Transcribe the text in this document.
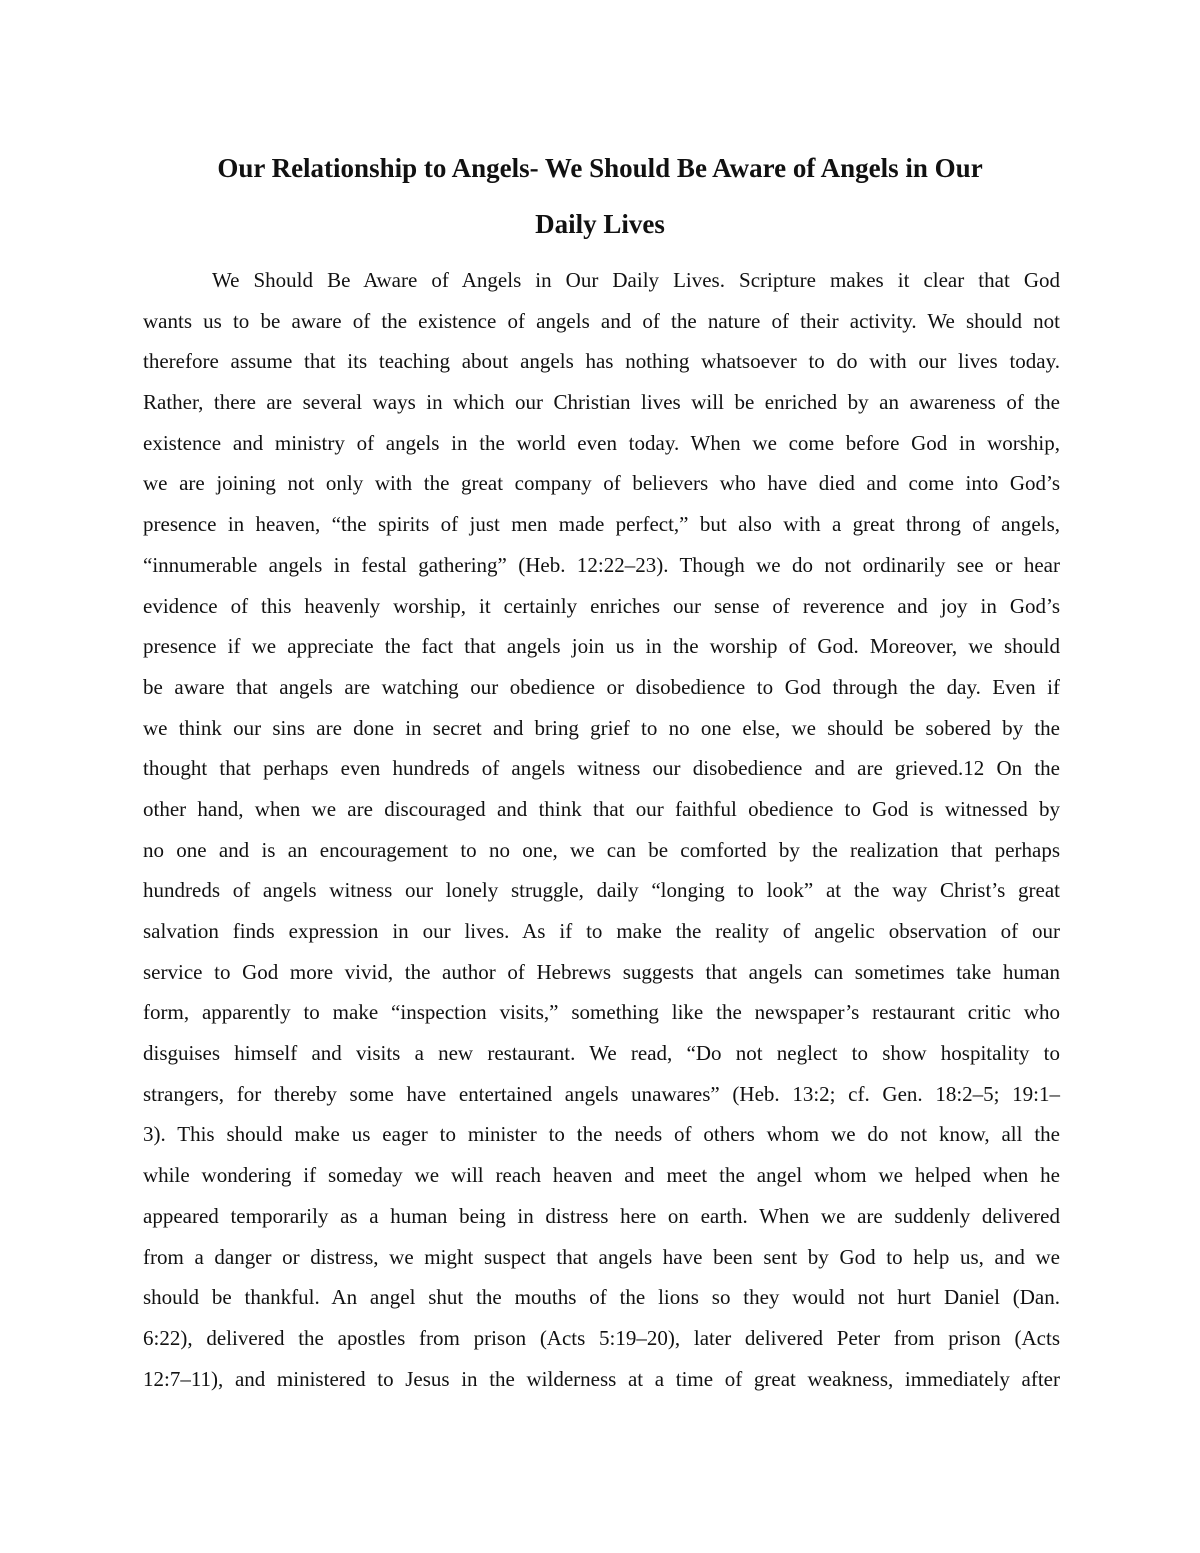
Our Relationship to Angels- We Should Be Aware of Angels in Our
Daily Lives
We Should Be Aware of Angels in Our Daily Lives. Scripture makes it clear that God
wants us to be aware of the existence of angels and of the nature of their activity. We should not
therefore assume that its teaching about angels has nothing whatsoever to do with our lives today.
Rather, there are several ways in which our Christian lives will be enriched by an awareness of the
existence and ministry of angels in the world even today. When we come before God in worship,
we are joining not only with the great company of believers who have died and come into God’s
presence in heaven, “the spirits of just men made perfect,” but also with a great throng of angels,
“innumerable angels in festal gathering” (Heb. 12:22–23). Though we do not ordinarily see or hear
evidence of this heavenly worship, it certainly enriches our sense of reverence and joy in God’s
presence if we appreciate the fact that angels join us in the worship of God. Moreover, we should
be aware that angels are watching our obedience or disobedience to God through the day. Even if
we think our sins are done in secret and bring grief to no one else, we should be sobered by the
thought that perhaps even hundreds of angels witness our disobedience and are grieved.12 On the
other hand, when we are discouraged and think that our faithful obedience to God is witnessed by
no one and is an encouragement to no one, we can be comforted by the realization that perhaps
hundreds of angels witness our lonely struggle, daily “longing to look” at the way Christ’s great
salvation finds expression in our lives. As if to make the reality of angelic observation of our
service to God more vivid, the author of Hebrews suggests that angels can sometimes take human
form, apparently to make “inspection visits,” something like the newspaper’s restaurant critic who
disguises himself and visits a new restaurant. We read, “Do not neglect to show hospitality to
strangers, for thereby some have entertained angels unawares” (Heb. 13:2; cf. Gen. 18:2–5; 19:1–
3). This should make us eager to minister to the needs of others whom we do not know, all the
while wondering if someday we will reach heaven and meet the angel whom we helped when he
appeared temporarily as a human being in distress here on earth. When we are suddenly delivered
from a danger or distress, we might suspect that angels have been sent by God to help us, and we
should be thankful. An angel shut the mouths of the lions so they would not hurt Daniel (Dan.
6:22), delivered the apostles from prison (Acts 5:19–20), later delivered Peter from prison (Acts
12:7–11), and ministered to Jesus in the wilderness at a time of great weakness, immediately after
